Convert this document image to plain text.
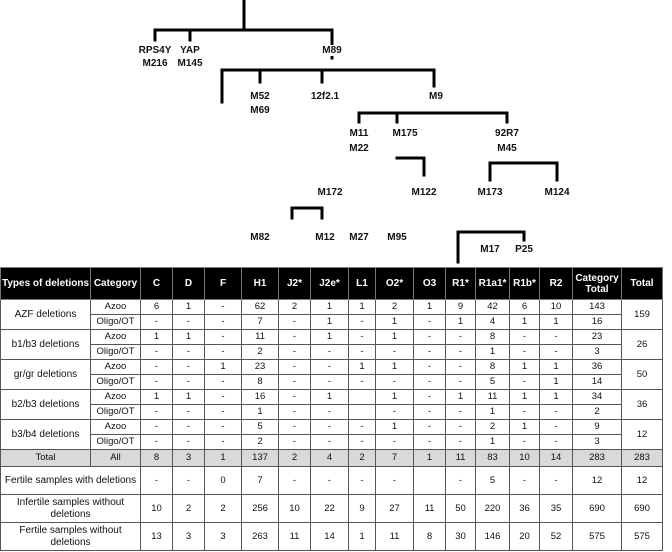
RPS4Y
M216
YAP
M145
M89
M52
M69
12f2.1	M9
M11
M22
M175	92R7
M45
M172	M122	M173	M124
M82	M12 M27 M95
M17 P25
Types of deletions	Category	C	D	F	H1	J2*	J2e*	L1	O2*	O3	R1*	R1a1*	R1b*	R2	Category Total	Total
AZF deletions	Azoo	6	1	-	62	2	1	1	2	1	9	42	6	10	143	159
	Oligo/OT	-	-	-	7	-	1	-	1	-	1	4	1	1	16	
b1/b3 deletions	Azoo	1	1	-	11	-	1	-	1	-	-	8	-	-	23	26
	Oligo/OT	-	-	-	2	-	-	-	-	-	-	1	-	-	3	
gr/gr deletions	Azoo	-	-	1	23	-	-	1	1	-	-	8	1	1	36	50
	Oligo/OT	-	-	-	8	-	-	-	-	-	-	5	-	1	14	
b2/b3 deletions	Azoo	1	1	-	16	-	1		1	-	1	11	1	1	34	36
	Oligo/OT	-	-	-	1	-	-		-	-	-	1	-	-	2	
b3/b4 deletions	Azoo	-	-	-	5	-	-	-	1	-	-	2	1	-	9	12
	Oligo/OT	-	-	-	2	-	-	-	-	-	-	1	-	-	3	
Total	All	8	3	1	137	2	4	2	7	1	11	83	10	14	283	283
Fertile samples with deletions		-	-	0	7	-	-	-	-		-	5	-	-	12	12
Infertile samples without deletions		10	2	2	256	10	22	9	27	11	50	220	36	35	690	690
Fertile samples without deletions		13	3	3	263	11	14	1	11	8	30	146	20	52	575	575
